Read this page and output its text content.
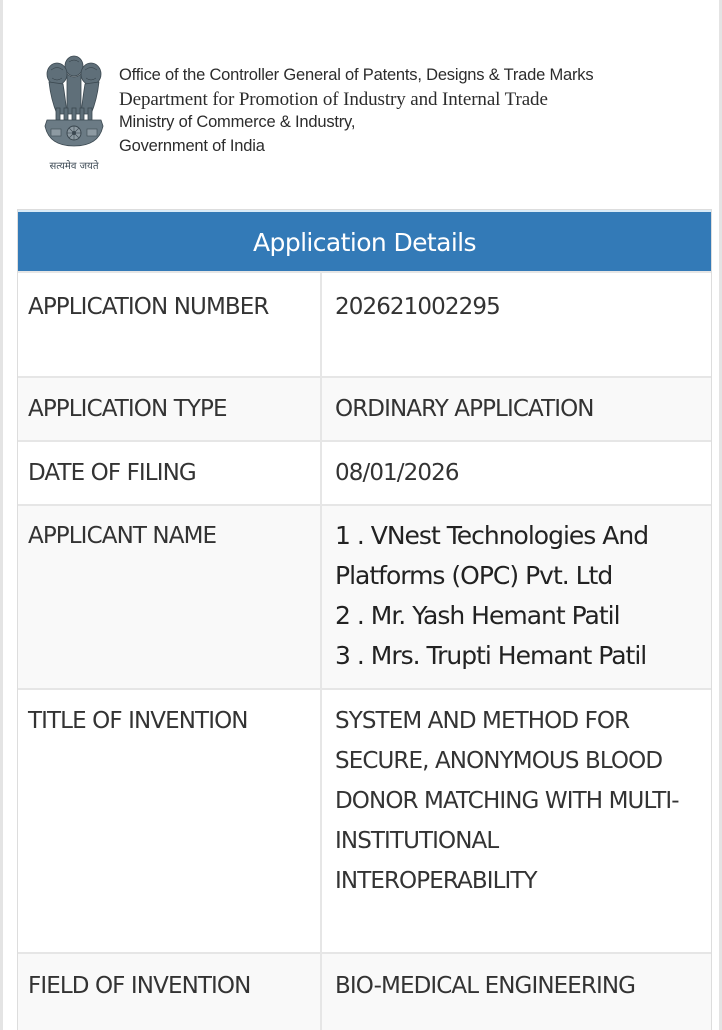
सत्यमेव जयते
Office of the Controller General of Patents, Designs & Trade Marks
Department for Promotion of Industry and Internal Trade
Ministry of Commerce & Industry,
Government of India
Application Details
APPLICATION NUMBER	202621002295
APPLICATION TYPE	ORDINARY APPLICATION
DATE OF FILING	08/01/2026
APPLICANT NAME	1 . VNest Technologies And Platforms (OPC) Pvt. Ltd
2 . Mr. Yash Hemant Patil
3 . Mrs. Trupti Hemant Patil
TITLE OF INVENTION	SYSTEM AND METHOD FOR SECURE, ANONYMOUS BLOOD DONOR MATCHING WITH MULTI-INSTITUTIONAL INTEROPERABILITY
FIELD OF INVENTION	BIO-MEDICAL ENGINEERING
